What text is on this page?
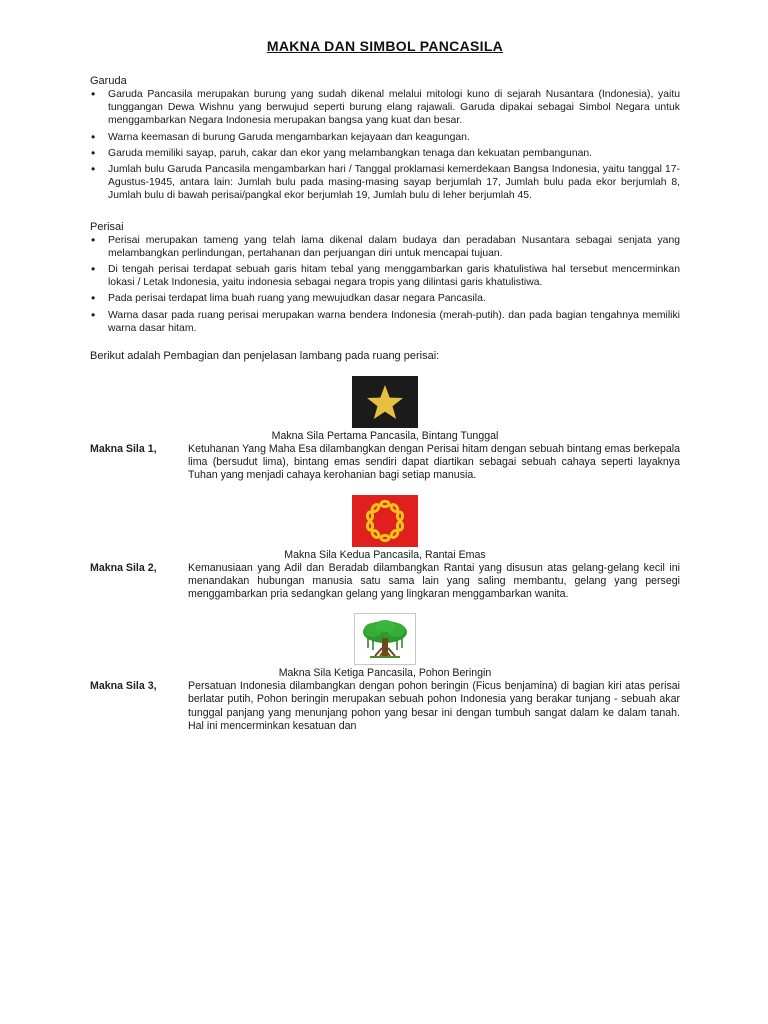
MAKNA DAN SIMBOL PANCASILA

Garuda

• Garuda Pancasila merupakan burung yang sudah dikenal melalui mitologi kuno di sejarah Nusantara (Indonesia), yaitu tunggangan Dewa Wishnu yang berwujud seperti burung elang rajawali. Garuda dipakai sebagai Simbol Negara untuk menggambarkan Negara Indonesia merupakan bangsa yang kuat dan besar.
• Warna keemasan di burung Garuda mengambarkan kejayaan dan keagungan.
• Garuda memiliki sayap, paruh, cakar dan ekor yang melambangkan tenaga dan kekuatan pembangunan.
• Jumlah bulu Garuda Pancasila mengambarkan hari / Tanggal proklamasi kemerdekaan Bangsa Indonesia, yaitu tanggal 17-Agustus-1945, antara lain: Jumlah bulu pada masing-masing sayap berjumlah 17, Jumlah bulu pada ekor berjumlah 8, Jumlah bulu di bawah perisai/pangkal ekor berjumlah 19, Jumlah bulu di leher berjumlah 45.

Perisai

• Perisai merupakan tameng yang telah lama dikenal dalam budaya dan peradaban Nusantara sebagai senjata yang melambangkan perlindungan, pertahanan dan perjuangan diri untuk mencapai tujuan.
• Di tengah perisai terdapat sebuah garis hitam tebal yang menggambarkan garis khatulistiwa hal tersebut mencerminkan lokasi / Letak Indonesia, yaitu indonesia sebagai negara tropis yang dilintasi garis khatulistiwa.
• Pada perisai terdapat lima buah ruang yang mewujudkan dasar negara Pancasila.
• Warna dasar pada ruang perisai merupakan warna bendera Indonesia (merah-putih). dan pada bagian tengahnya memiliki warna dasar hitam.

Berikut adalah Pembagian dan penjelasan lambang pada ruang perisai:

Makna Sila Pertama Pancasila, Bintang Tunggal

Makna Sila 1,	Ketuhanan Yang Maha Esa dilambangkan dengan Perisai hitam dengan sebuah bintang emas berkepala lima (bersudut lima), bintang emas sendiri dapat diartikan sebagai sebuah cahaya seperti layaknya Tuhan yang menjadi cahaya kerohanian bagi setiap manusia.

Makna Sila Kedua Pancasila, Rantai Emas

Makna Sila 2,	Kemanusiaan yang Adil dan Beradab dilambangkan Rantai yang disusun atas gelang-gelang kecil ini menandakan hubungan manusia satu sama lain yang saling membantu, gelang yang persegi menggambarkan pria sedangkan gelang yang lingkaran menggambarkan wanita.

Makna Sila Ketiga Pancasila, Pohon Beringin

Makna Sila 3,	Persatuan Indonesia dilambangkan dengan pohon beringin (Ficus benjamina) di bagian kiri atas perisai berlatar putih, Pohon beringin merupakan sebuah pohon Indonesia yang berakar tunjang - sebuah akar tunggal panjang yang menunjang pohon yang besar ini dengan tumbuh sangat dalam ke dalam tanah. Hal ini mencerminkan kesatuan dan
